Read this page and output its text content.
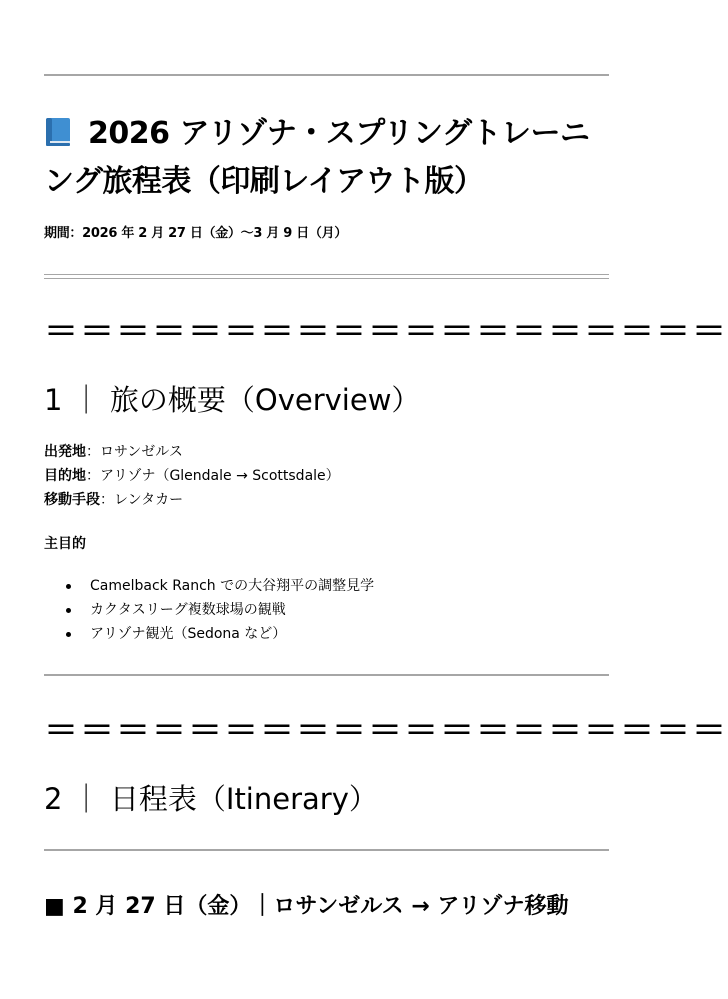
2026 アリゾナ・スプリングトレーニング旅程表（印刷レイアウト版）
期間：2026 年 2 月 27 日（金）〜3 月 9 日（月）
＝＝＝＝＝＝＝＝＝＝＝＝＝＝＝＝＝＝＝
1 ｜ 旅の概要（Overview）
出発地：ロサンゼルス
目的地：アリゾナ（Glendale → Scottsdale）
移動手段：レンタカー
主目的
Camelback Ranch での大谷翔平の調整見学
カクタスリーグ複数球場の観戦
アリゾナ観光（Sedona など）
＝＝＝＝＝＝＝＝＝＝＝＝＝＝＝＝＝＝＝
2 ｜ 日程表（Itinerary）
■ 2 月 27 日（金）｜ロサンゼルス → アリゾナ移動
